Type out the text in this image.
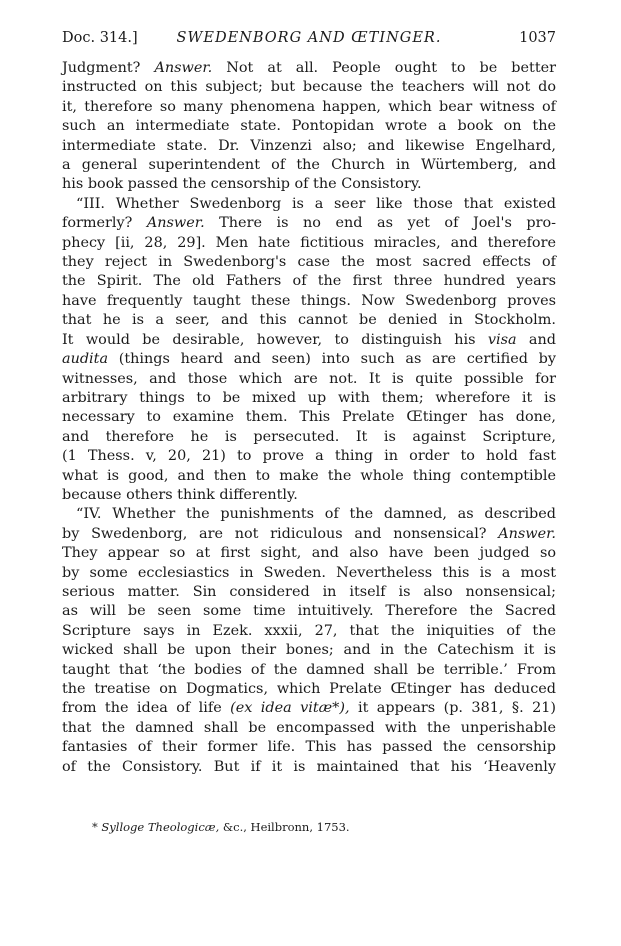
Doc. 314.]	SWEDENBORG AND ŒTINGER.	1037
Judgment? Answer. Not at all. People ought to be better
instructed on this subject; but because the teachers will not do
it, therefore so many phenomena happen, which bear witness of
such an intermediate state. Pontopidan wrote a book on the
intermediate state. Dr. Vinzenzi also; and likewise Engelhard,
a general superintendent of the Church in Würtemberg, and
his book passed the censorship of the Consistory.
“III. Whether Swedenborg is a seer like those that existed
formerly? Answer. There is no end as yet of Joel's pro-
phecy [ii, 28, 29]. Men hate fictitious miracles, and therefore
they reject in Swedenborg's case the most sacred effects of
the Spirit. The old Fathers of the first three hundred years
have frequently taught these things. Now Swedenborg proves
that he is a seer, and this cannot be denied in Stockholm.
It would be desirable, however, to distinguish his visa and
audita (things heard and seen) into such as are certified by
witnesses, and those which are not. It is quite possible for
arbitrary things to be mixed up with them; wherefore it is
necessary to examine them. This Prelate Œtinger has done,
and therefore he is persecuted. It is against Scripture,
(1 Thess. v, 20, 21) to prove a thing in order to hold fast
what is good, and then to make the whole thing contemptible
because others think differently.
“IV. Whether the punishments of the damned, as described
by Swedenborg, are not ridiculous and nonsensical? Answer.
They appear so at first sight, and also have been judged so
by some ecclesiastics in Sweden. Nevertheless this is a most
serious matter. Sin considered in itself is also nonsensical;
as will be seen some time intuitively. Therefore the Sacred
Scripture says in Ezek. xxxii, 27, that the iniquities of the
wicked shall be upon their bones; and in the Catechism it is
taught that ‘the bodies of the damned shall be terrible.’ From
the treatise on Dogmatics, which Prelate Œtinger has deduced
from the idea of life (ex idea vitæ*), it appears (p. 381, §. 21)
that the damned shall be encompassed with the unperishable
fantasies of their former life. This has passed the censorship
of the Consistory. But if it is maintained that his ‘Heavenly
* Sylloge Theologicæ, &c., Heilbronn, 1753.
